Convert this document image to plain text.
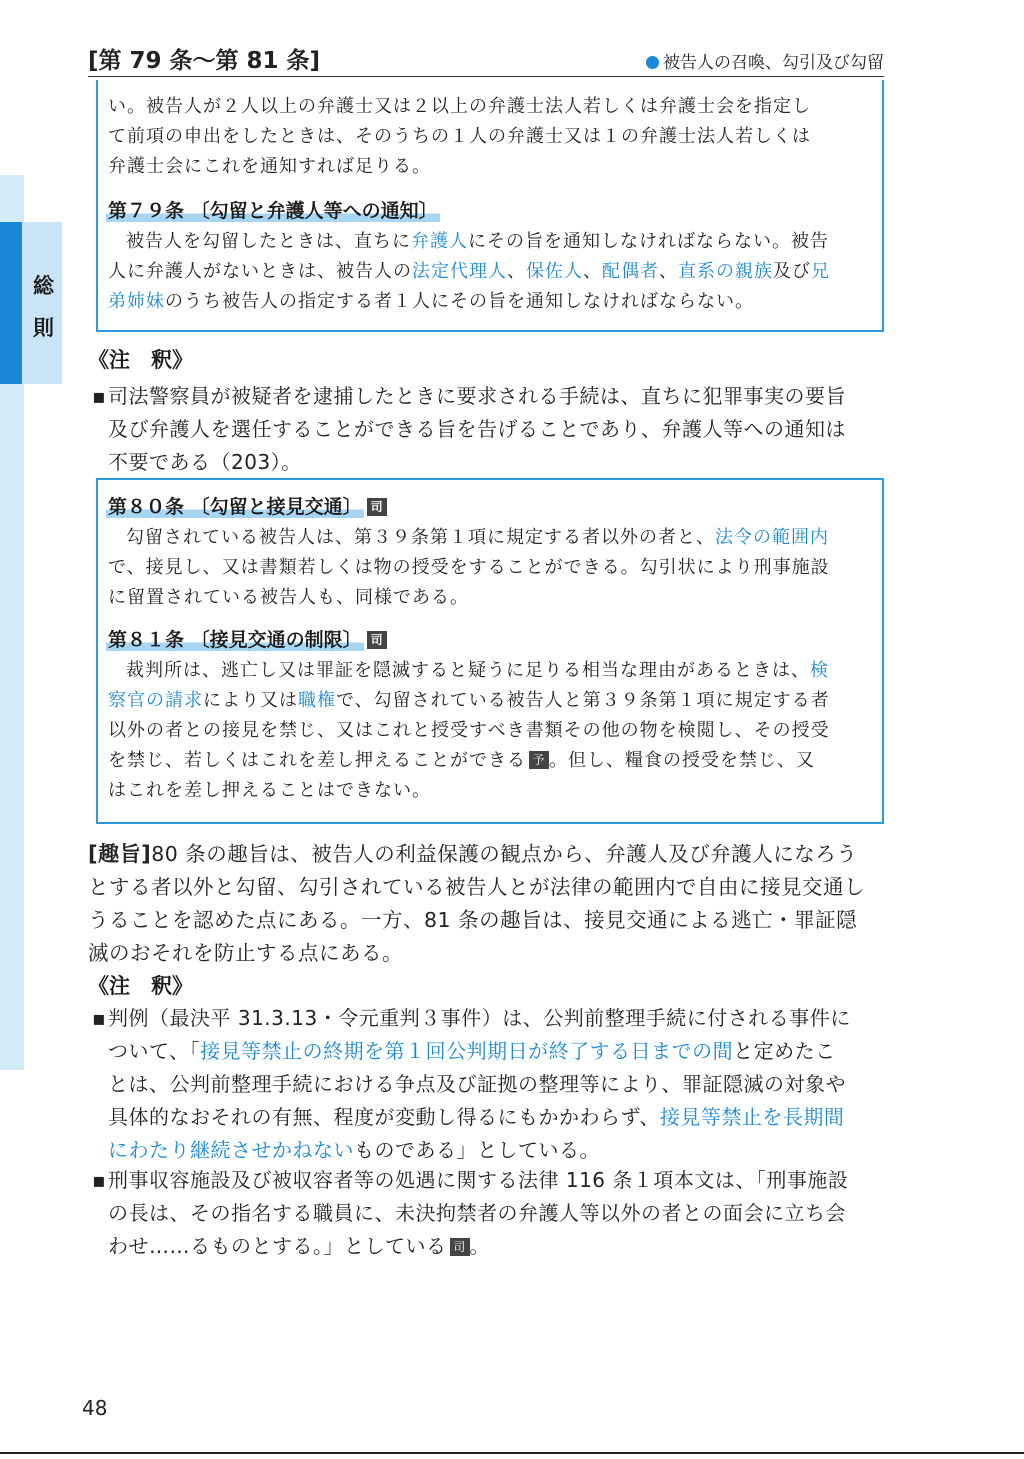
[第 79 条〜第 81 条]	被告人の召喚、勾引及び勾留
総
則

い。被告人が２人以上の弁護士又は２以上の弁護士法人若しくは弁護士会を指定し

て前項の申出をしたときは、そのうちの１人の弁護士又は１の弁護士法人若しくは

弁護士会にこれを通知すれば足りる。

第７９条 〔勾留と弁護人等への通知〕

被告人を勾留したときは、直ちに弁護人にその旨を通知しなければならない。被告

人に弁護人がないときは、被告人の法定代理人、保佐人、配偶者、直系の親族及び兄

弟姉妹のうち被告人の指定する者１人にその旨を通知しなければならない。

《注　釈》
▪ 司法警察員が被疑者を逮捕したときに要求される手続は、直ちに犯罪事実の要旨
及び弁護人を選任することができる旨を告げることであり、弁護人等への通知は
不要である（203）。

第８０条 〔勾留と接見交通〕 司

勾留されている被告人は、第３９条第１項に規定する者以外の者と、法令の範囲内

で、接見し、又は書類若しくは物の授受をすることができる。勾引状により刑事施設

に留置されている被告人も、同様である。

第８１条 〔接見交通の制限〕 司

裁判所は、逃亡し又は罪証を隠滅すると疑うに足りる相当な理由があるときは、検

察官の請求により又は職権で、勾留されている被告人と第３９条第１項に規定する者

以外の者との接見を禁じ、又はこれと授受すべき書類その他の物を検閲し、その授受

を禁じ、若しくはこれを差し押えることができる 予 。但し、糧食の授受を禁じ、又

はこれを差し押えることはできない。

[趣旨]80 条の趣旨は、被告人の利益保護の観点から、弁護人及び弁護人になろう
とする者以外と勾留、勾引されている被告人とが法律の範囲内で自由に接見交通し
うることを認めた点にある。一方、81 条の趣旨は、接見交通による逃亡・罪証隠
滅のおそれを防止する点にある。
《注　釈》
▪ 判例（最決平 31.3.13・令元重判３事件）は、公判前整理手続に付される事件に
ついて、「接見等禁止の終期を第１回公判期日が終了する日までの間と定めたこ
とは、公判前整理手続における争点及び証拠の整理等により、罪証隠滅の対象や
具体的なおそれの有無、程度が変動し得るにもかかわらず、接見等禁止を長期間
にわたり継続させかねないものである」としている。

▪ 刑事収容施設及び被収容者等の処遇に関する法律 116 条１項本文は、「刑事施設
の長は、その指名する職員に、未決拘禁者の弁護人等以外の者との面会に立ち会
わせ……るものとする。」としている 司 。

48
